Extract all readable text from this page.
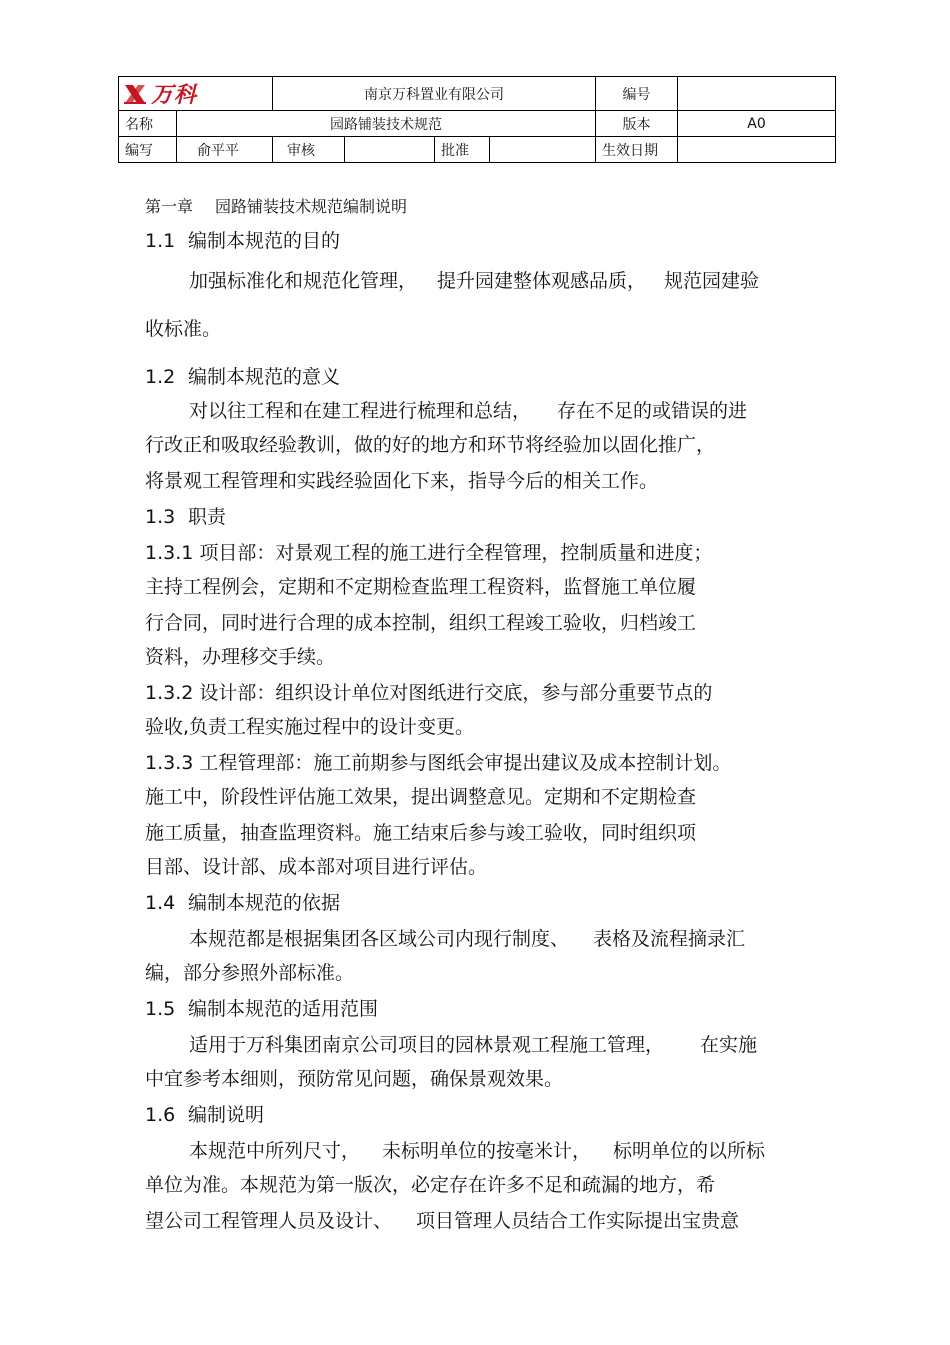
万科		南京万科置业有限公司				编号	
名称	园路铺装技术规范					版本	A0
编写	俞平平	审核		批准		生效日期	
第一章 园路铺装技术规范编制说明
1.1 编制本规范的目的
加强标准化和规范化管理， 提升园建整体观感品质， 规范园建验
收标准。
1.2 编制本规范的意义
对以往工程和在建工程进行梳理和总结， 存在不足的或错误的进
行改正和吸取经验教训，做的好的地方和环节将经验加以固化推广，
将景观工程管理和实践经验固化下来，指导今后的相关工作。
1.3 职责
1.3.1 项目部：对景观工程的施工进行全程管理，控制质量和进度；
主持工程例会，定期和不定期检查监理工程资料，监督施工单位履
行合同，同时进行合理的成本控制，组织工程竣工验收，归档竣工
资料，办理移交手续。
1.3.2 设计部：组织设计单位对图纸进行交底，参与部分重要节点的
验收,负责工程实施过程中的设计变更。
1.3.3 工程管理部：施工前期参与图纸会审提出建议及成本控制计划。
施工中，阶段性评估施工效果，提出调整意见。定期和不定期检查
施工质量，抽查监理资料。施工结束后参与竣工验收，同时组织项
目部、设计部、成本部对项目进行评估。
1.4 编制本规范的依据
本规范都是根据集团各区域公司内现行制度、 表格及流程摘录汇
编，部分参照外部标准。
1.5 编制本规范的适用范围
适用于万科集团南京公司项目的园林景观工程施工管理， 在实施
中宜参考本细则，预防常见问题，确保景观效果。
1.6 编制说明
本规范中所列尺寸， 未标明单位的按毫米计， 标明单位的以所标
单位为准。本规范为第一版次，必定存在许多不足和疏漏的地方，希
望公司工程管理人员及设计、 项目管理人员结合工作实际提出宝贵意
